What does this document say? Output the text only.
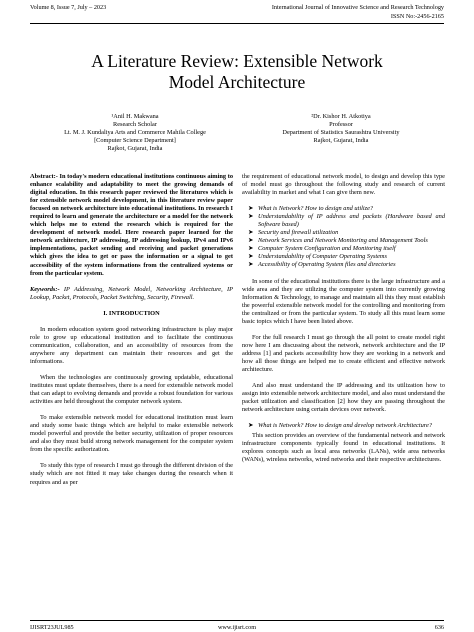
Volume 8, Issue 7, July – 2023	International Journal of Innovative Science and Research Technology
ISSN No:-2456-2165
A Literature Review: Extensible Network
Model Architecture
¹Anil H. Makwana
Research Scholar
Lt. M. J. Kundaliya Arts and Commerce Mahila College
[Computer Science Department]
Rajkot, Gujarat, India
²Dr. Kishor H. Atkotiya
Professor
Department of Statistics Saurashtra University
Rajkot, Gujarat, India

Abstract:- In today's modern educational institutions continuous aiming to enhance scalability and adaptability to meet the growing demands of digital education. In this research paper reviewed the literatures which is for extensible network model development, in this literature review paper focused on network architecture into educational institutions. In research I required to learn and generate the architecture or a model for the network which helps me to extend the research which is required for the development of network model. Here research paper learned for the network architecture, IP addressing, IP addressing lookup, IPv4 and IPv6 implementations, packet sending and receiving and packet generations which gives the idea to get or pass the information or a signal to get accessibility of the system informations from the centralized systems or from the particular system.

Keywords:- IP Addressing, Network Model, Networking Architecture, IP Lookup, Packet, Protocols, Packet Switching, Security, Firewall.

I. INTRODUCTION

In modern education system good networking infrastructure is play major role to grow up educational institution and to facilitate the continuous communication, collaboration, and an accessibility of resources from the anywhere any department can maintain their resources and get the informations.

When the technologies are continuously growing updatable, educational institutes must update themselves, there is a need for extensible network model that can adapt to evolving demands and provide a robust foundation for various activities are held throughout the computer network system.

To make extensible network model for educational institution must learn and study some basic things which are helpful to make extensible network model powerful and provide the better security, utilization of proper resources and also they must build strong network management for the computer system from the specific authorization.

To study this type of research I must go through the different division of the study which are not fitted it may take changes during the research when it requires and as per

the requirement of educational network model, to design and develop this type of model must go throughout the following study and research of current availability in market and what I can give them new.

➤ What is Network? How to design and utilize?
➤ Understandability of IP address and packets (Hardware based and Software based)
➤ Security and firewall utilization
➤ Network Services and Network Monitoring and Management Tools
➤ Computer System Configuration and Monitoring itself
➤ Understandability of Computer Operating Systems
➤ Accessibility of Operating System files and directories

In some of the educational institutions there is the large infrastructure and a wide area and they are utilizing the computer system into currently growing Information & Technology, to manage and maintain all this they must establish the powerful extensible network model for the controlling and monitoring from the centralized or from the particular system. To study all this must learn some basic topics which I have been listed above.

For the full research I must go through the all point to create model right now here I am discussing about the network, network architecture and the IP address [1] and packets accessibility how they are working in a network and how all those things are helped me to create efficient and effective network architecture.

And also must understand the IP addressing and its utilization how to assign into extensible network architecture model, and also must understand the packet utilization and classification [2] how they are passing throughout the network architecture using certain devices over network.

➤ What is Network? How to design and develop network Architecture?

This section provides an overview of the fundamental network and network infrastructure components typically found in educational institutions. It explores concepts such as local area networks (LANs), wide area networks (WANs), wireless networks, wired networks and their respective architectures.

IJISRT23JUL985	www.ijisrt.com	636
